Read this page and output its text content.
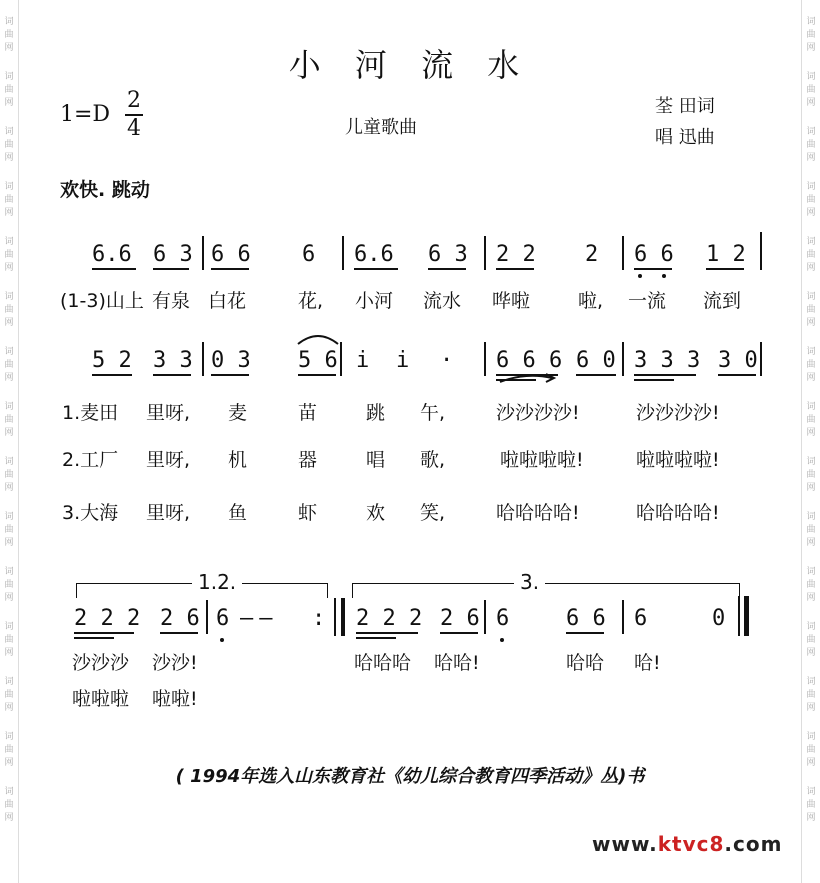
词
曲
网
词
曲
网
词
曲
网
词
曲
网
词
曲
网
词
曲
网
词
曲
网
词
曲
网
词
曲
网
词
曲
网
词
曲
网
词
曲
网
词
曲
网
词
曲
网
词
曲
网
词
曲
网
词
曲
网
词
曲
网
词
曲
网
词
曲
网
词
曲
网
词
曲
网
词
曲
网
词
曲
网
词
曲
网
词
曲
网
词
曲
网
词
曲
网
词
曲
网
词
曲
网
小 河 流 水
1=D
2
4	儿童歌曲
荃 田词
唱 迅曲
欢快. 跳动
6.6 6 3 6 6 6 6.6 6 3 2 2 2 6 6 1 2
(1-3)山上 有泉 白花	花, 小河 流水 哗啦	啦, 一流 流到
5 2 3 3 0 3 5 6 i i · 6 6 6 6 0 3 3 3 3 0
1.麦田 里呀, 麦	苗	跳 午,	沙沙沙沙!	沙沙沙沙!
2.工厂 里呀, 机	器	唱 歌,	啦啦啦啦!	啦啦啦啦!
3.大海 里呀, 鱼	虾	欢 笑,	哈哈哈哈!	哈哈哈哈!
1.2.	3.
2 2 2 2 6 6 —— : 2 2 2 2 6 6	6 6 6	0
沙沙沙 沙沙!	哈哈哈 哈哈!	哈哈 哈!
啦啦啦 啦啦!
( 1994年选入山东教育社《幼儿综合教育四季活动》丛)书
www.ktvc8.com
